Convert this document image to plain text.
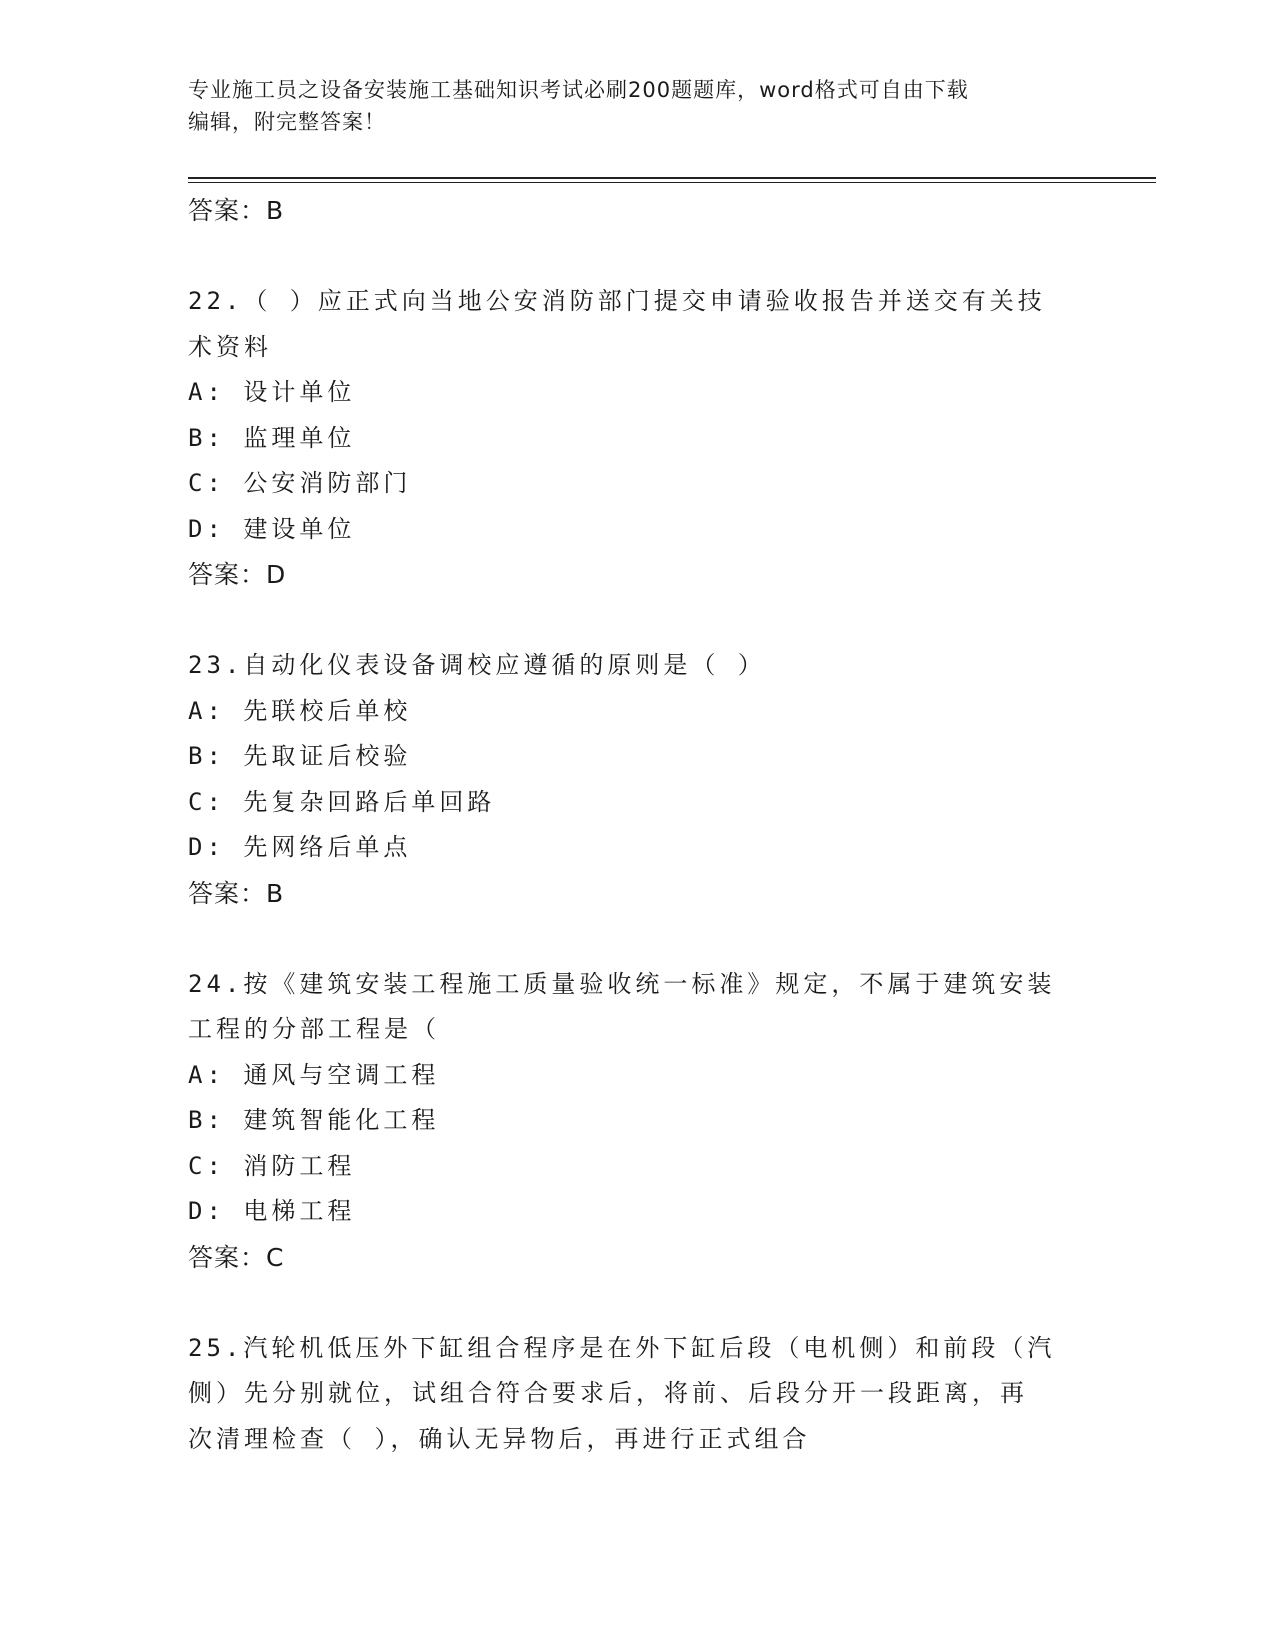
专业施工员之设备安装施工基础知识考试必刷200题题库，word格式可自由下载
编辑，附完整答案！
答案：B
22.（ ）应正式向当地公安消防部门提交申请验收报告并送交有关技
术资料
A: 设计单位
B: 监理单位
C: 公安消防部门
D: 建设单位
答案：D
23.自动化仪表设备调校应遵循的原则是（ ）
A: 先联校后单校
B: 先取证后校验
C: 先复杂回路后单回路
D: 先网络后单点
答案：B
24.按《建筑安装工程施工质量验收统一标准》规定，不属于建筑安装
工程的分部工程是（
A: 通风与空调工程
B: 建筑智能化工程
C: 消防工程
D: 电梯工程
答案：C
25.汽轮机低压外下缸组合程序是在外下缸后段（电机侧）和前段（汽
侧）先分别就位，试组合符合要求后，将前、后段分开一段距离，再
次清理检查（ ），确认无异物后，再进行正式组合
